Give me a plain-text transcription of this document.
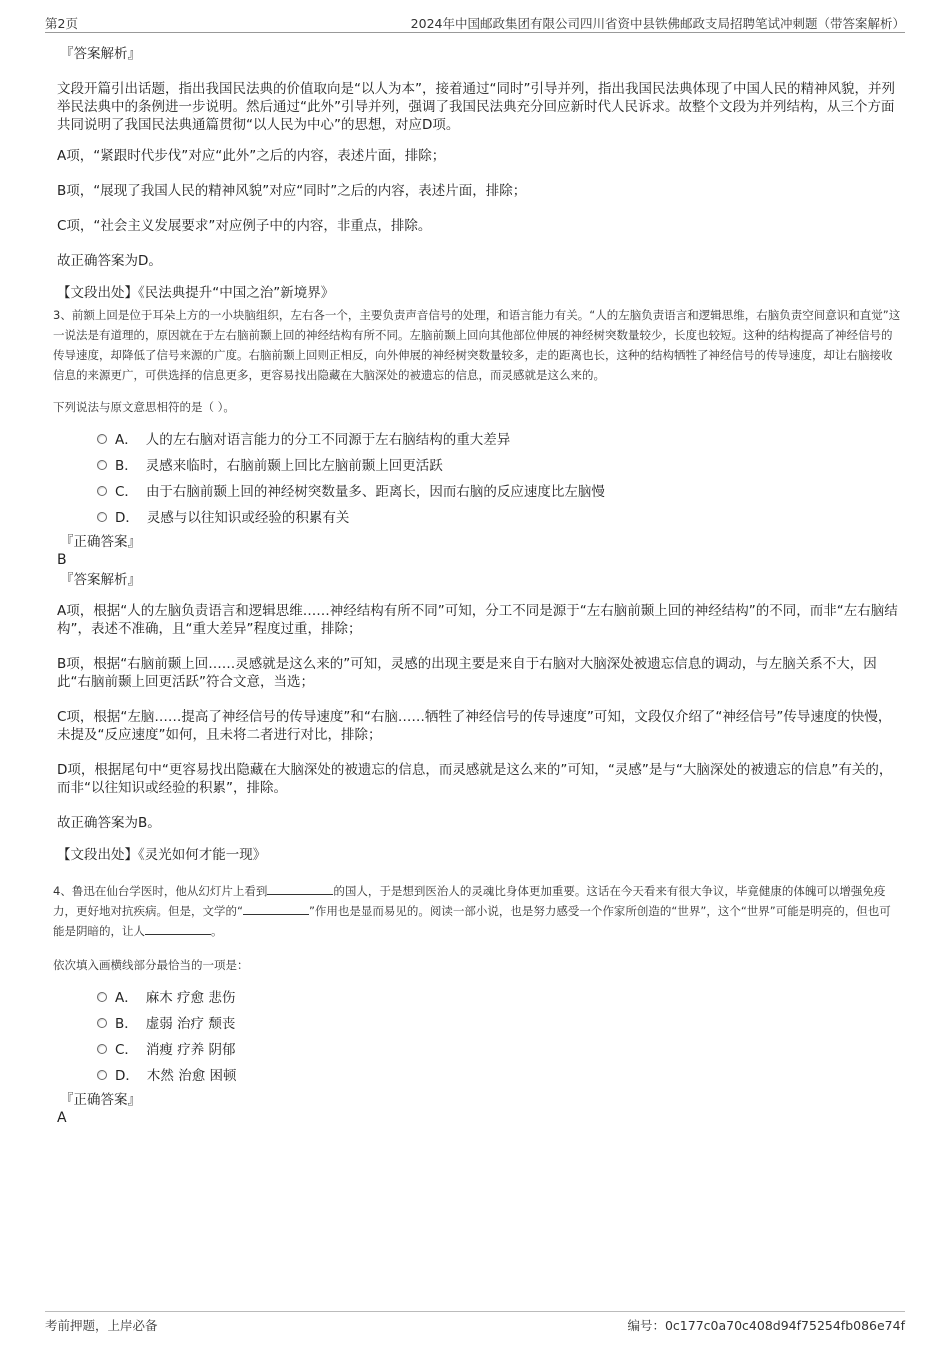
第2页	2024年中国邮政集团有限公司四川省资中县铁佛邮政支局招聘笔试冲刺题（带答案解析）
『答案解析』

文段开篇引出话题，指出我国民法典的价值取向是“以人为本”，接着通过“同时”引导并列，指出我国民法典体现了中国人民的精神风貌，并列举民法典中的条例进一步说明。然后通过“此外”引导并列，强调了我国民法典充分回应新时代人民诉求。故整个文段为并列结构，从三个方面共同说明了我国民法典通篇贯彻“以人民为中心”的思想，对应D项。

A项，“紧跟时代步伐”对应“此外”之后的内容，表述片面，排除；

B项，“展现了我国人民的精神风貌”对应“同时”之后的内容，表述片面，排除；

C项，“社会主义发展要求”对应例子中的内容，非重点，排除。

故正确答案为D。

【文段出处】《民法典提升“中国之治”新境界》

3、前额上回是位于耳朵上方的一小块脑组织，左右各一个，主要负责声音信号的处理，和语言能力有关。“人的左脑负责语言和逻辑思维，右脑负责空间意识和直觉”这一说法是有道理的，原因就在于左右脑前颞上回的神经结构有所不同。左脑前颞上回向其他部位伸展的神经树突数量较少，长度也较短。这种的结构提高了神经信号的传导速度，却降低了信号来源的广度。右脑前颞上回则正相反，向外伸展的神经树突数量较多，走的距离也长，这种的结构牺牲了神经信号的传导速度，却让右脑接收信息的来源更广，可供选择的信息更多，更容易找出隐藏在大脑深处的被遗忘的信息，而灵感就是这么来的。

下列说法与原文意思相符的是（ ）。

A． 人的左右脑对语言能力的分工不同源于左右脑结构的重大差异
B． 灵感来临时，右脑前颞上回比左脑前颞上回更活跃
C． 由于右脑前颞上回的神经树突数量多、距离长，因而右脑的反应速度比左脑慢
D． 灵感与以往知识或经验的积累有关
『正确答案』
B
『答案解析』

A项，根据“人的左脑负责语言和逻辑思维……神经结构有所不同”可知，分工不同是源于“左右脑前颞上回的神经结构”的不同，而非“左右脑结构”，表述不准确，且“重大差异”程度过重，排除；

B项，根据“右脑前颞上回……灵感就是这么来的”可知，灵感的出现主要是来自于右脑对大脑深处被遗忘信息的调动，与左脑关系不大，因此“右脑前颞上回更活跃”符合文意，当选；

C项，根据“左脑……提高了神经信号的传导速度”和“右脑……牺牲了神经信号的传导速度”可知，文段仅介绍了“神经信号”传导速度的快慢，未提及“反应速度”如何，且未将二者进行对比，排除；

D项，根据尾句中“更容易找出隐藏在大脑深处的被遗忘的信息，而灵感就是这么来的”可知，“灵感”是与“大脑深处的被遗忘的信息”有关的，而非“以往知识或经验的积累”，排除。

故正确答案为B。

【文段出处】《灵光如何才能一现》

4、鲁迅在仙台学医时，他从幻灯片上看到	的国人，于是想到医治人的灵魂比身体更加重要。这话在今天看来有很大争议，毕竟健康的体魄可以增强免疫力，更好地对抗疾病。但是，文学的“	”作用也是显而易见的。阅读一部小说，也是努力感受一个作家所创造的“世界”，这个“世界”可能是明亮的，但也可能是阴暗的，让人	。

依次填入画横线部分最恰当的一项是：

A． 麻木 疗愈 悲伤
B． 虚弱 治疗 颓丧
C． 消瘦 疗养 阴郁
D． 木然 治愈 困顿
『正确答案』
A
考前押题，上岸必备	编号：0c177c0a70c408d94f75254fb086e74f
